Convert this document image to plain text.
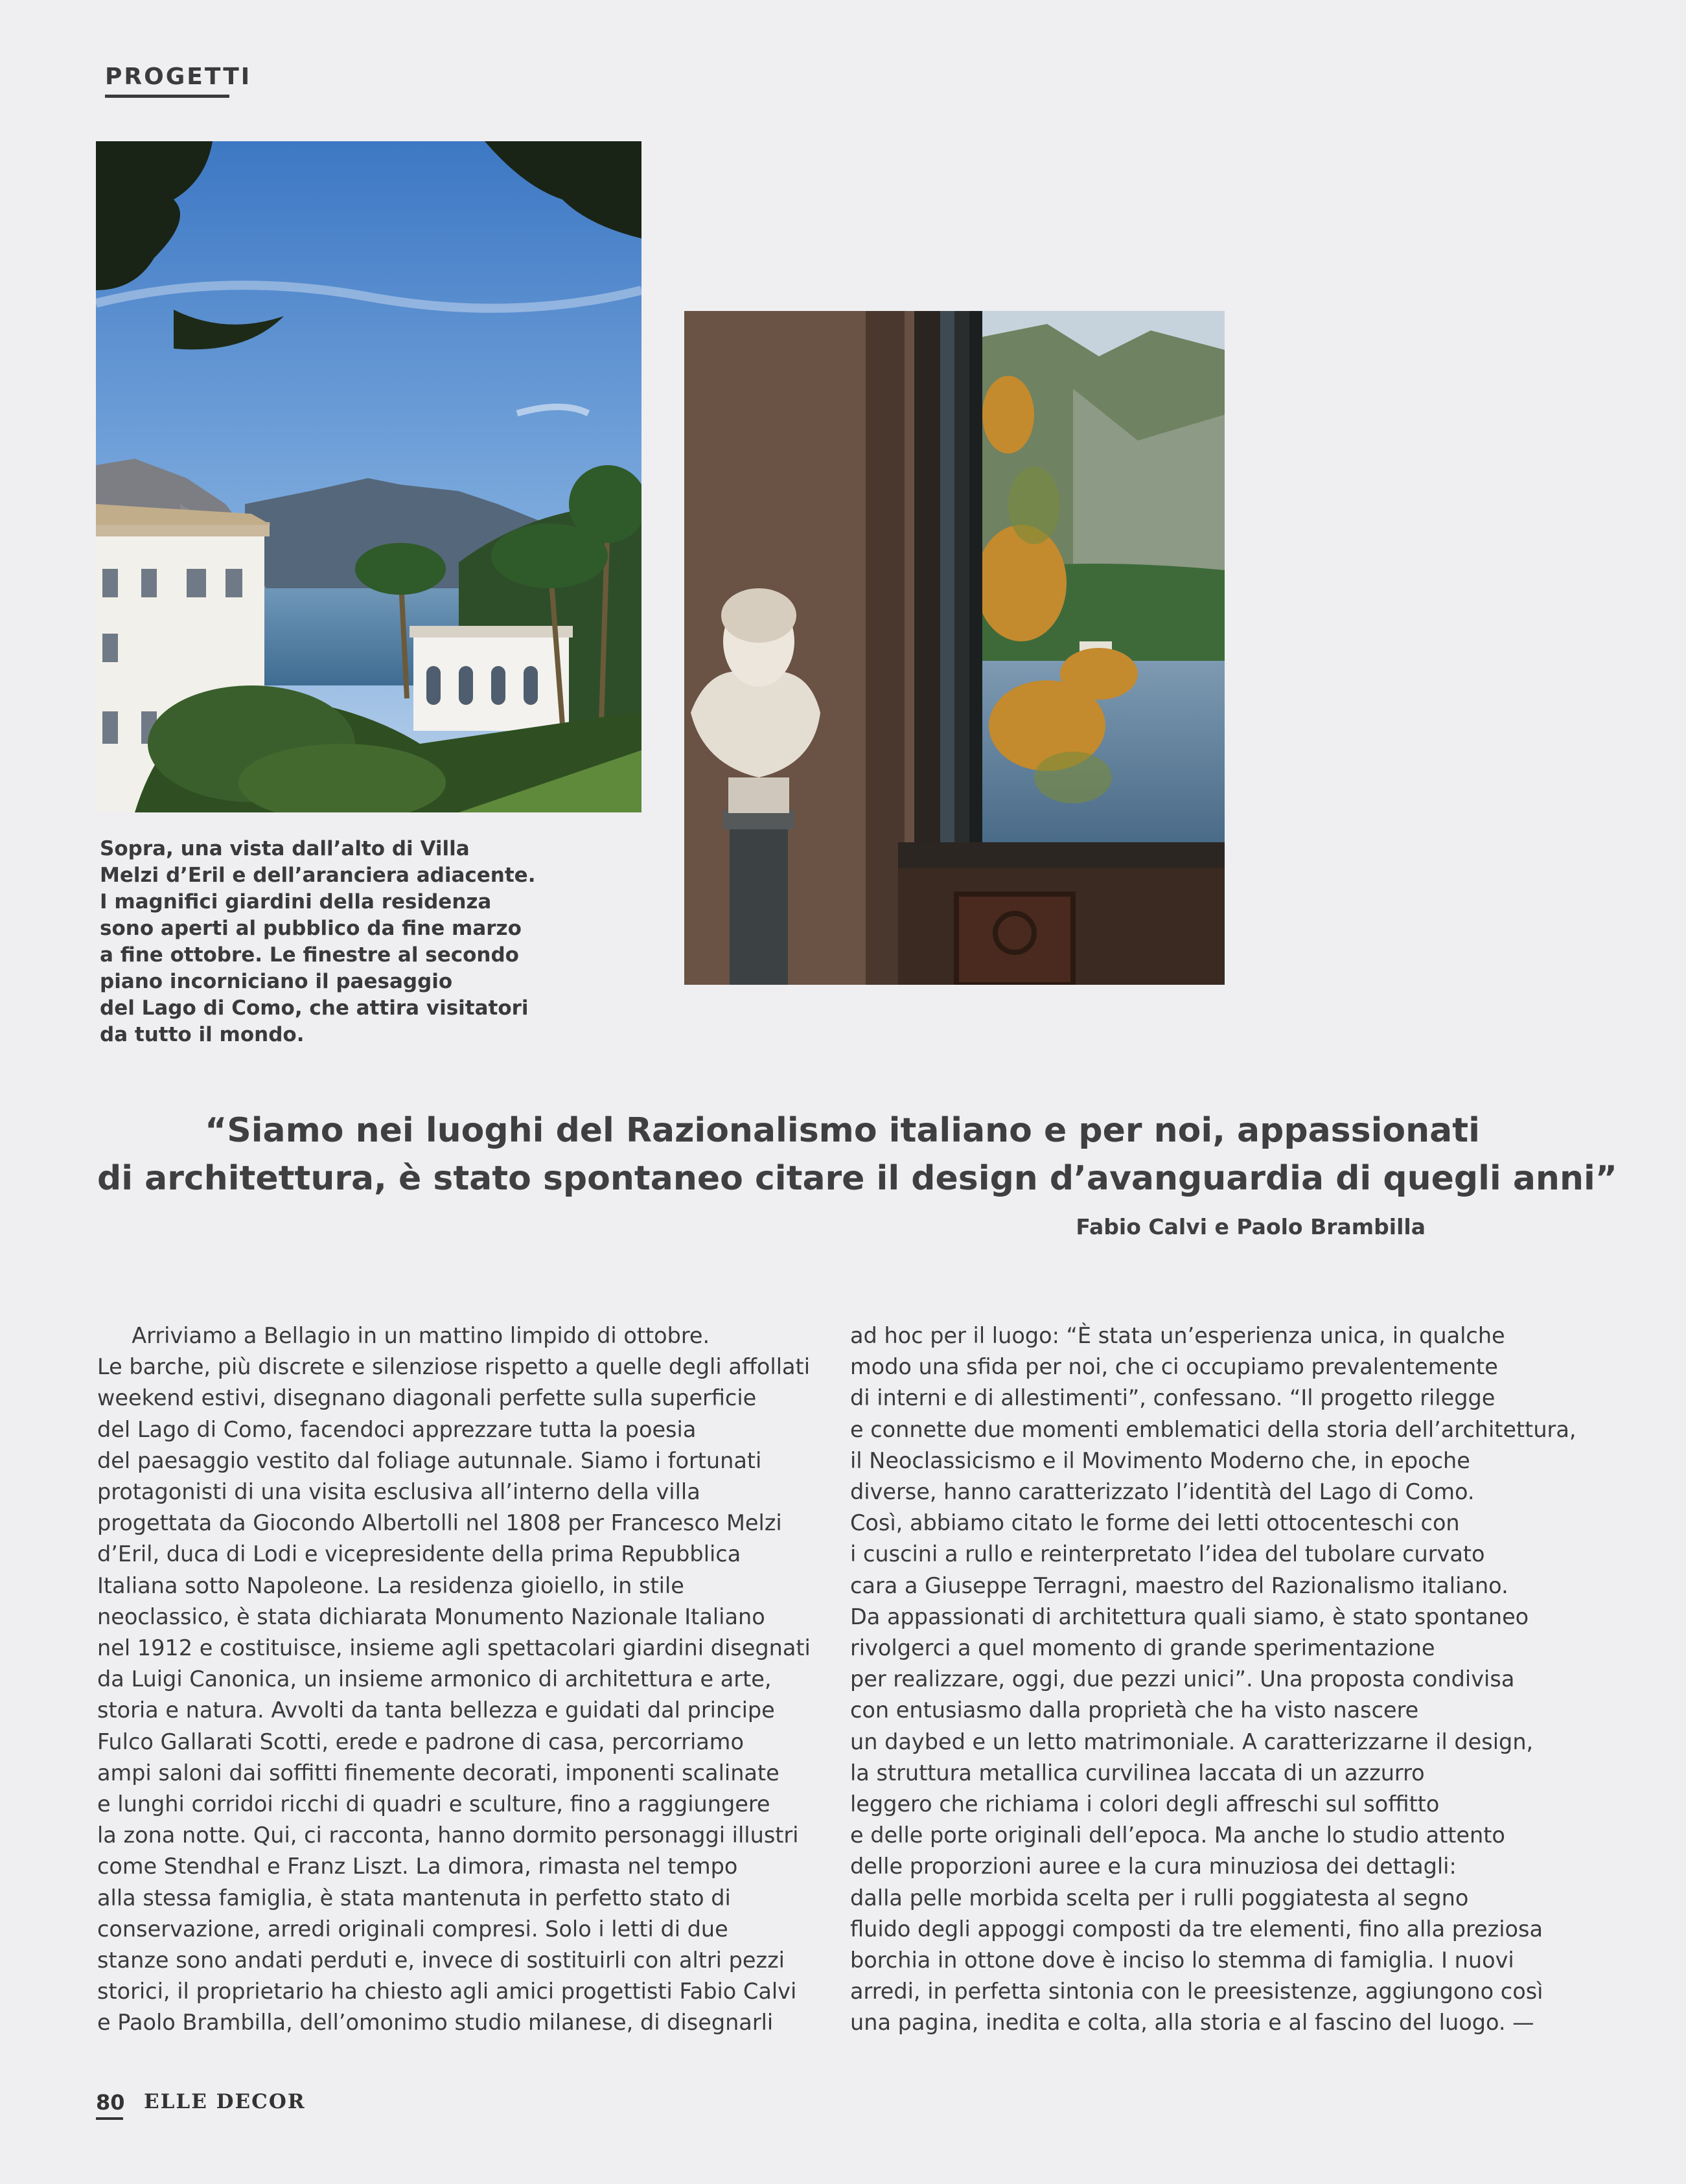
PROGETTI
Sopra, una vista dall’alto di Villa
Melzi d’Eril e dell’aranciera adiacente.
I magnifici giardini della residenza
sono aperti al pubblico da fine marzo
a fine ottobre. Le finestre al secondo
piano incorniciano il paesaggio
del Lago di Como, che attira visitatori
da tutto il mondo.
“Siamo nei luoghi del Razionalismo italiano e per noi, appassionati
di architettura, è stato spontaneo citare il design d’avanguardia di quegli anni”
Fabio Calvi e Paolo Brambilla
Arriviamo a Bellagio in un mattino limpido di ottobre.
Le barche, più discrete e silenziose rispetto a quelle degli affollati
weekend estivi, disegnano diagonali perfette sulla superficie
del Lago di Como, facendoci apprezzare tutta la poesia
del paesaggio vestito dal foliage autunnale. Siamo i fortunati
protagonisti di una visita esclusiva all’interno della villa
progettata da Giocondo Albertolli nel 1808 per Francesco Melzi
d’Eril, duca di Lodi e vicepresidente della prima Repubblica
Italiana sotto Napoleone. La residenza gioiello, in stile
neoclassico, è stata dichiarata Monumento Nazionale Italiano
nel 1912 e costituisce, insieme agli spettacolari giardini disegnati
da Luigi Canonica, un insieme armonico di architettura e arte,
storia e natura. Avvolti da tanta bellezza e guidati dal principe
Fulco Gallarati Scotti, erede e padrone di casa, percorriamo
ampi saloni dai soffitti finemente decorati, imponenti scalinate
e lunghi corridoi ricchi di quadri e sculture, fino a raggiungere
la zona notte. Qui, ci racconta, hanno dormito personaggi illustri
come Stendhal e Franz Liszt. La dimora, rimasta nel tempo
alla stessa famiglia, è stata mantenuta in perfetto stato di
conservazione, arredi originali compresi. Solo i letti di due
stanze sono andati perduti e, invece di sostituirli con altri pezzi
storici, il proprietario ha chiesto agli amici progettisti Fabio Calvi
e Paolo Brambilla, dell’omonimo studio milanese, di disegnarli
ad hoc per il luogo: “È stata un’esperienza unica, in qualche
modo una sfida per noi, che ci occupiamo prevalentemente
di interni e di allestimenti”, confessano. “Il progetto rilegge
e connette due momenti emblematici della storia dell’architettura,
il Neoclassicismo e il Movimento Moderno che, in epoche
diverse, hanno caratterizzato l’identità del Lago di Como.
Così, abbiamo citato le forme dei letti ottocenteschi con
i cuscini a rullo e reinterpretato l’idea del tubolare curvato
cara a Giuseppe Terragni, maestro del Razionalismo italiano.
Da appassionati di architettura quali siamo, è stato spontaneo
rivolgerci a quel momento di grande sperimentazione
per realizzare, oggi, due pezzi unici”. Una proposta condivisa
con entusiasmo dalla proprietà che ha visto nascere
un daybed e un letto matrimoniale. A caratterizzarne il design,
la struttura metallica curvilinea laccata di un azzurro
leggero che richiama i colori degli affreschi sul soffitto
e delle porte originali dell’epoca. Ma anche lo studio attento
delle proporzioni auree e la cura minuziosa dei dettagli:
dalla pelle morbida scelta per i rulli poggiatesta al segno
fluido degli appoggi composti da tre elementi, fino alla preziosa
borchia in ottone dove è inciso lo stemma di famiglia. I nuovi
arredi, in perfetta sintonia con le preesistenze, aggiungono così
una pagina, inedita e colta, alla storia e al fascino del luogo. —
80 ELLE DECOR
